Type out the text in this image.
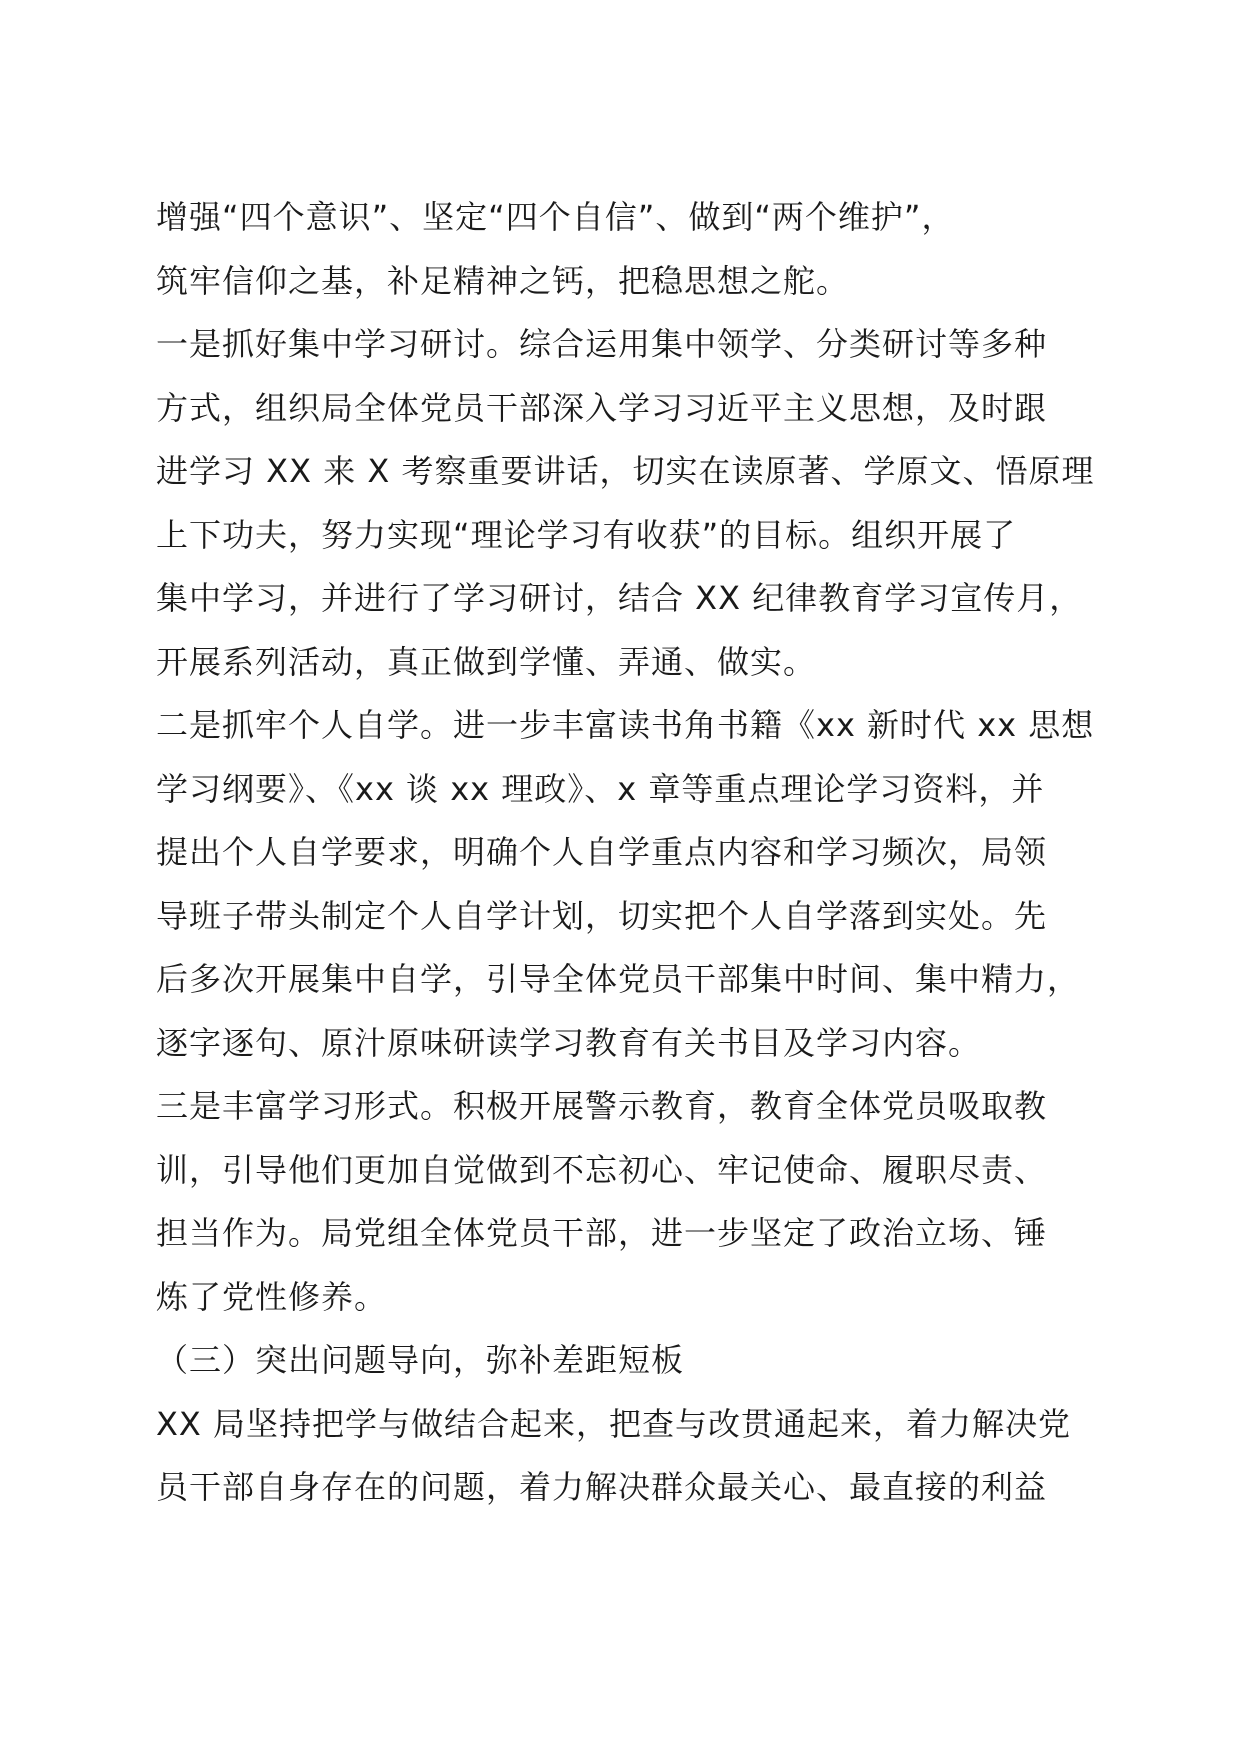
增强“四个意识”、坚定“四个自信”、做到“两个维护”，
筑牢信仰之基，补足精神之钙，把稳思想之舵。
一是抓好集中学习研讨。综合运用集中领学、分类研讨等多种
方式，组织局全体党员干部深入学习习近平主义思想，及时跟
进学习 XX 来 X 考察重要讲话，切实在读原著、学原文、悟原理
上下功夫，努力实现“理论学习有收获”的目标。组织开展了
集中学习，并进行了学习研讨，结合 XX 纪律教育学习宣传月，
开展系列活动，真正做到学懂、弄通、做实。
二是抓牢个人自学。进一步丰富读书角书籍《xx 新时代 xx 思想
学习纲要》、《xx 谈 xx 理政》、x 章等重点理论学习资料，并
提出个人自学要求，明确个人自学重点内容和学习频次，局领
导班子带头制定个人自学计划，切实把个人自学落到实处。先
后多次开展集中自学，引导全体党员干部集中时间、集中精力，
逐字逐句、原汁原味研读学习教育有关书目及学习内容。
三是丰富学习形式。积极开展警示教育，教育全体党员吸取教
训，引导他们更加自觉做到不忘初心、牢记使命、履职尽责、
担当作为。局党组全体党员干部，进一步坚定了政治立场、锤
炼了党性修养。
（三）突出问题导向，弥补差距短板
XX 局坚持把学与做结合起来，把查与改贯通起来，着力解决党
员干部自身存在的问题，着力解决群众最关心、最直接的利益
